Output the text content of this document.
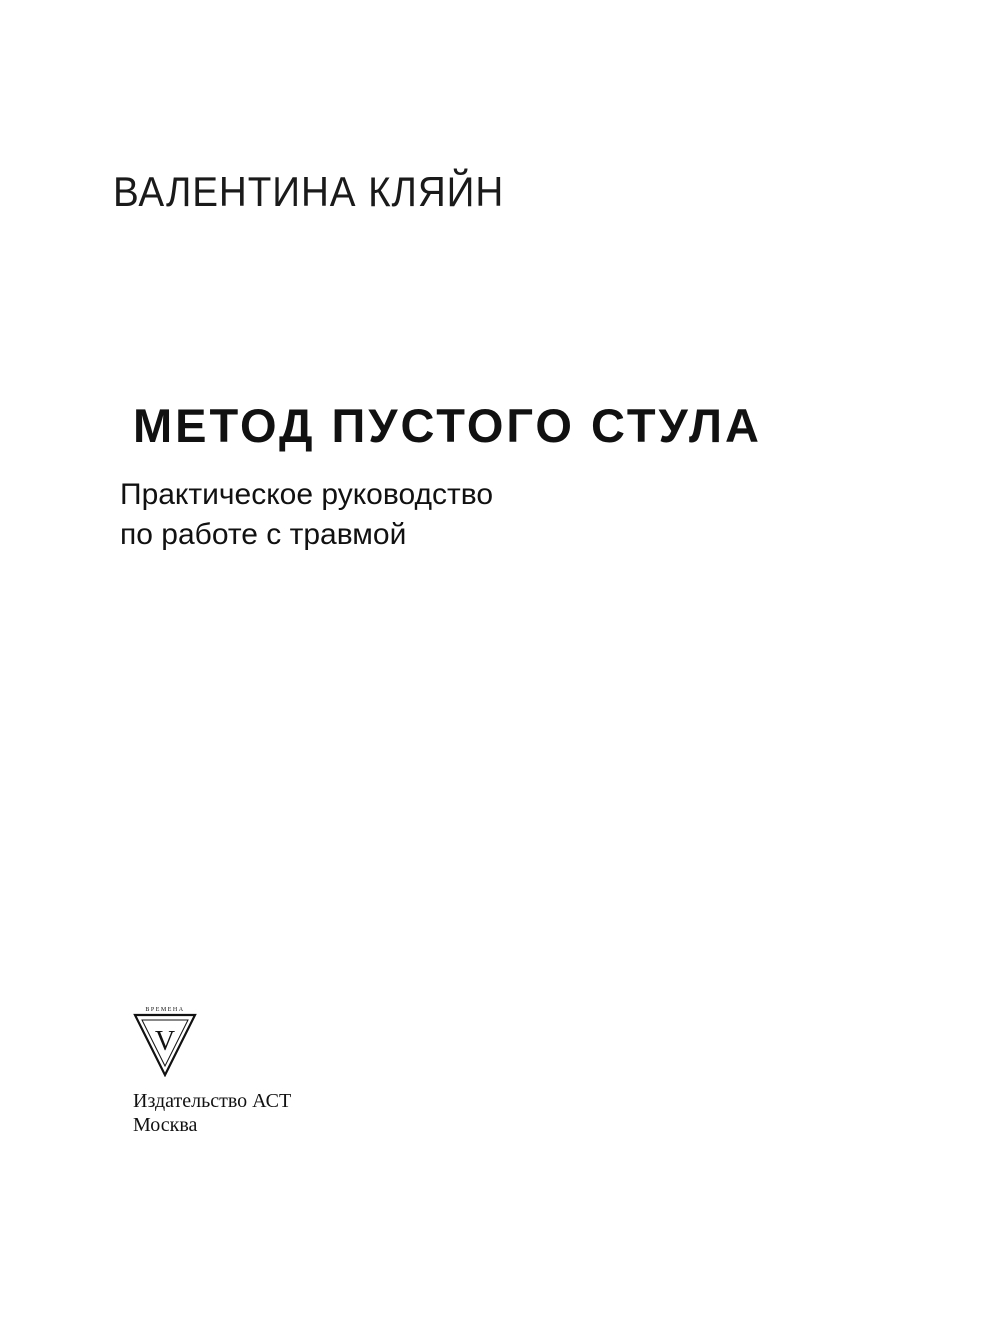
ВАЛЕНТИНА КЛЯЙН
МЕТОД ПУСТОГО СТУЛА
Практическое руководство
по работе с травмой
ВРЕМЕНА
V
Издательство АСТ
Москва
